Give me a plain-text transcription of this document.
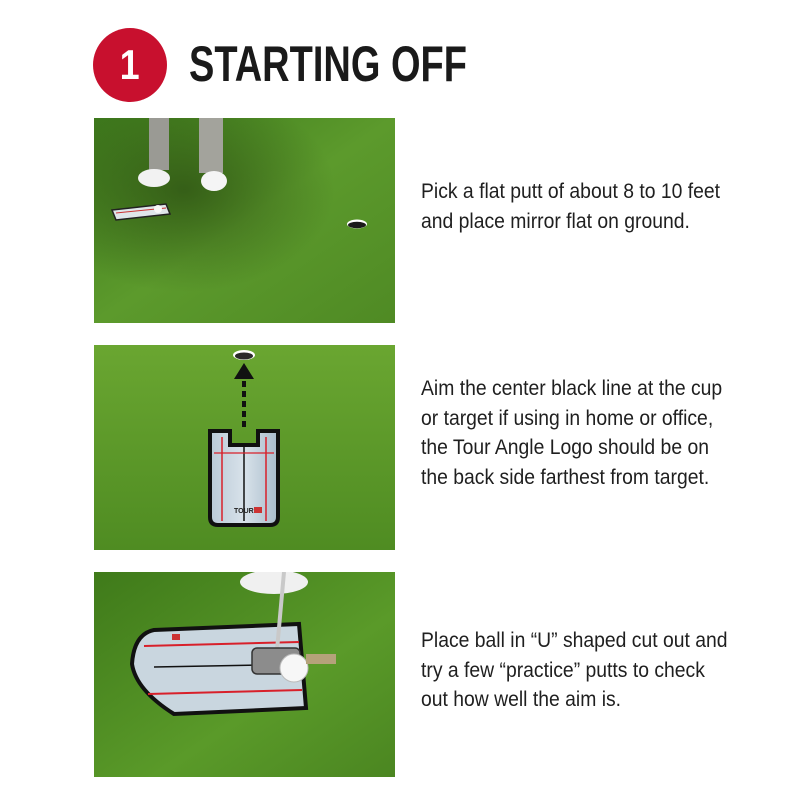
1 STARTING OFF
Pick a flat putt of about 8 to 10 feet and place mirror flat on ground.
TOUR
Aim the center black line at the cup or target if using in home or office, the Tour Angle Logo should be on the back side farthest from target.
Place ball in “U” shaped cut out and try a few “practice” putts to check out how well the aim is.
